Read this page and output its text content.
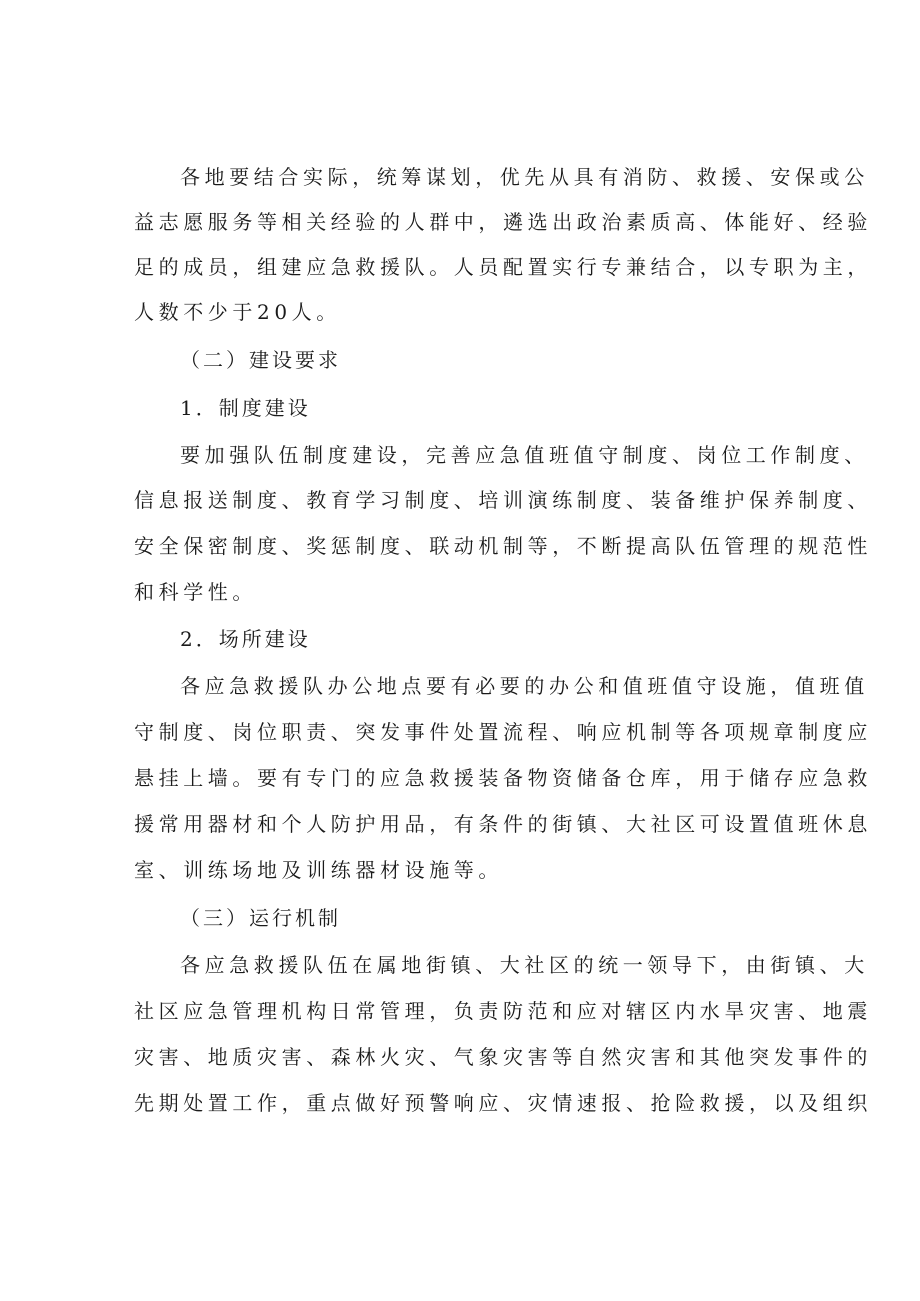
各地要结合实际，统筹谋划，优先从具有消防、救援、安保或公
益志愿服务等相关经验的人群中，遴选出政治素质高、体能好、经验
足的成员，组建应急救援队。人员配置实行专兼结合，以专职为主，
人数不少于20人。
（二）建设要求
1．制度建设
要加强队伍制度建设，完善应急值班值守制度、岗位工作制度、
信息报送制度、教育学习制度、培训演练制度、装备维护保养制度、
安全保密制度、奖惩制度、联动机制等，不断提高队伍管理的规范性
和科学性。
2．场所建设
各应急救援队办公地点要有必要的办公和值班值守设施，值班值
守制度、岗位职责、突发事件处置流程、响应机制等各项规章制度应
悬挂上墙。要有专门的应急救援装备物资储备仓库，用于储存应急救
援常用器材和个人防护用品，有条件的街镇、大社区可设置值班休息
室、训练场地及训练器材设施等。
（三）运行机制
各应急救援队伍在属地街镇、大社区的统一领导下，由街镇、大
社区应急管理机构日常管理，负责防范和应对辖区内水旱灾害、地震
灾害、地质灾害、森林火灾、气象灾害等自然灾害和其他突发事件的
先期处置工作，重点做好预警响应、灾情速报、抢险救援，以及组织
